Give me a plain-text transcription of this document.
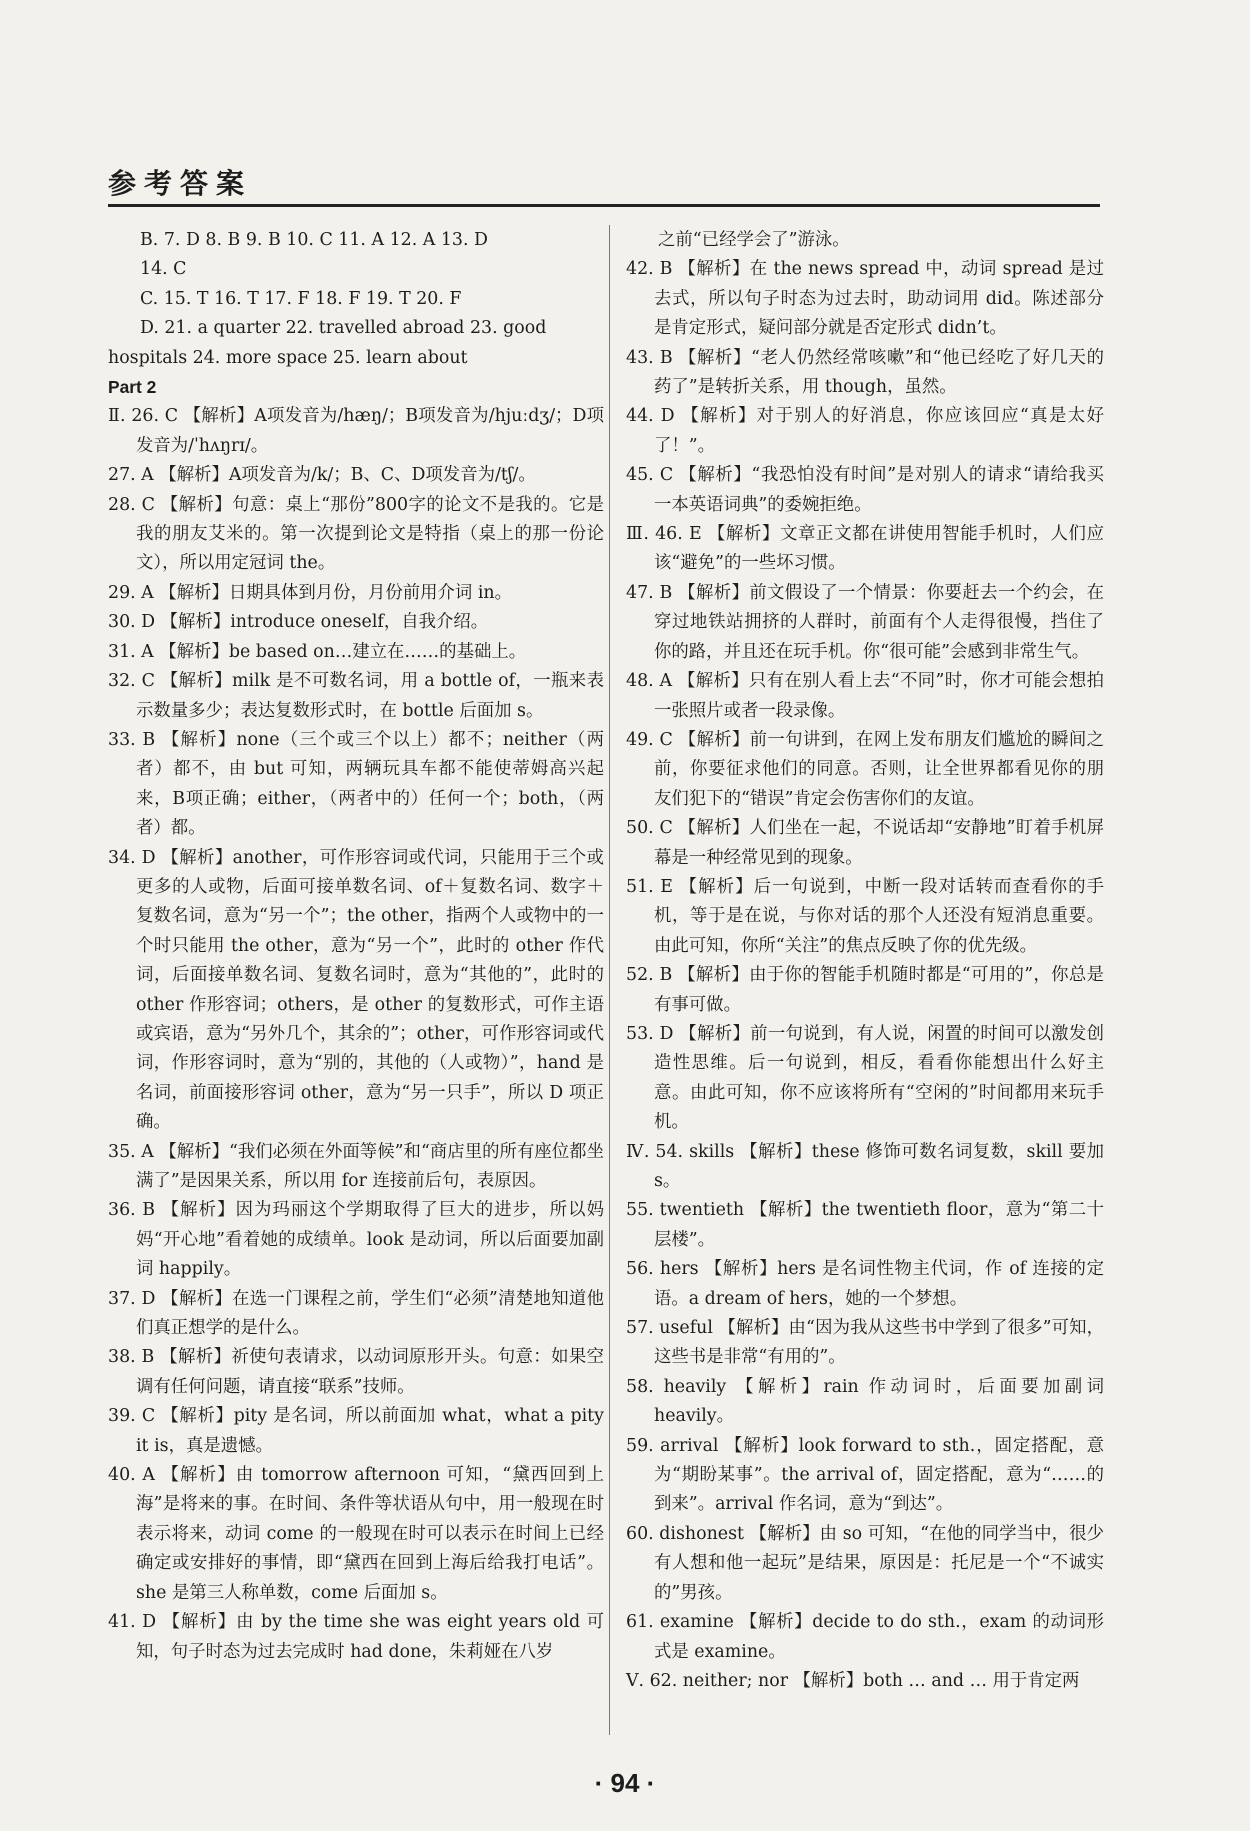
参考答案

B. 7. D 8. B 9. B 10. C 11. A 12. A 13. D

14. C

C. 15. T 16. T 17. F 18. F 19. T 20. F

D. 21. a quarter 22. travelled abroad 23. good

hospitals 24. more space 25. learn about

Part 2

Ⅱ. 26. C 【解析】A项发音为/hæŋ/；B项发音为/hjuːdʒ/；D项发音为/ˈhʌŋrɪ/。

27. A 【解析】A项发音为/k/；B、C、D项发音为/tʃ/。

28. C 【解析】句意：桌上“那份”800字的论文不是我的。它是我的朋友艾米的。第一次提到论文是特指（桌上的那一份论文），所以用定冠词 the。

29. A 【解析】日期具体到月份，月份前用介词 in。

30. D 【解析】introduce oneself，自我介绍。

31. A 【解析】be based on…建立在……的基础上。

32. C 【解析】milk 是不可数名词，用 a bottle of，一瓶来表示数量多少；表达复数形式时，在 bottle 后面加 s。

33. B 【解析】none（三个或三个以上）都不；neither（两者）都不，由 but 可知，两辆玩具车都不能使蒂姆高兴起来，B项正确；either，（两者中的）任何一个；both，（两者）都。

34. D 【解析】another，可作形容词或代词，只能用于三个或更多的人或物，后面可接单数名词、of＋复数名词、数字＋复数名词，意为“另一个”；the other，指两个人或物中的一个时只能用 the other，意为“另一个”，此时的 other 作代词，后面接单数名词、复数名词时，意为“其他的”，此时的 other 作形容词；others，是 other 的复数形式，可作主语或宾语，意为“另外几个，其余的”；other，可作形容词或代词，作形容词时，意为“别的，其他的（人或物）”，hand 是名词，前面接形容词 other，意为“另一只手”，所以 D 项正确。

35. A 【解析】“我们必须在外面等候”和“商店里的所有座位都坐满了”是因果关系，所以用 for 连接前后句，表原因。

36. B 【解析】因为玛丽这个学期取得了巨大的进步，所以妈妈“开心地”看着她的成绩单。look 是动词，所以后面要加副词 happily。

37. D 【解析】在选一门课程之前，学生们“必须”清楚地知道他们真正想学的是什么。

38. B 【解析】祈使句表请求，以动词原形开头。句意：如果空调有任何问题，请直接“联系”技师。

39. C 【解析】pity 是名词，所以前面加 what，what a pity it is，真是遗憾。

40. A 【解析】由 tomorrow afternoon 可知，“黛西回到上海”是将来的事。在时间、条件等状语从句中，用一般现在时表示将来，动词 come 的一般现在时可以表示在时间上已经确定或安排好的事情，即“黛西在回到上海后给我打电话”。she 是第三人称单数，come 后面加 s。

41. D 【解析】由 by the time she was eight years old 可知，句子时态为过去完成时 had done，朱莉娅在八岁

之前“已经学会了”游泳。

42. B 【解析】在 the news spread 中，动词 spread 是过去式，所以句子时态为过去时，助动词用 did。陈述部分是肯定形式，疑问部分就是否定形式 didn’t。

43. B 【解析】“老人仍然经常咳嗽”和“他已经吃了好几天的药了”是转折关系，用 though，虽然。

44. D 【解析】对于别人的好消息，你应该回应“真是太好了！”。

45. C 【解析】“我恐怕没有时间”是对别人的请求“请给我买一本英语词典”的委婉拒绝。

Ⅲ. 46. E 【解析】文章正文都在讲使用智能手机时，人们应该“避免”的一些坏习惯。

47. B 【解析】前文假设了一个情景：你要赶去一个约会，在穿过地铁站拥挤的人群时，前面有个人走得很慢，挡住了你的路，并且还在玩手机。你“很可能”会感到非常生气。

48. A 【解析】只有在别人看上去“不同”时，你才可能会想拍一张照片或者一段录像。

49. C 【解析】前一句讲到，在网上发布朋友们尴尬的瞬间之前，你要征求他们的同意。否则，让全世界都看见你的朋友们犯下的“错误”肯定会伤害你们的友谊。

50. C 【解析】人们坐在一起，不说话却“安静地”盯着手机屏幕是一种经常见到的现象。

51. E 【解析】后一句说到，中断一段对话转而查看你的手机，等于是在说，与你对话的那个人还没有短消息重要。由此可知，你所“关注”的焦点反映了你的优先级。

52. B 【解析】由于你的智能手机随时都是“可用的”，你总是有事可做。

53. D 【解析】前一句说到，有人说，闲置的时间可以激发创造性思维。后一句说到，相反，看看你能想出什么好主意。由此可知，你不应该将所有“空闲的”时间都用来玩手机。

Ⅳ. 54. skills 【解析】these 修饰可数名词复数，skill 要加 s。

55. twentieth 【解析】the twentieth floor，意为“第二十层楼”。

56. hers 【解析】hers 是名词性物主代词，作 of 连接的定语。a dream of hers，她的一个梦想。

57. useful 【解析】由“因为我从这些书中学到了很多”可知，这些书是非常“有用的”。

58. heavily 【解析】rain 作动词时，后面要加副词 heavily。

59. arrival 【解析】look forward to sth.，固定搭配，意为“期盼某事”。the arrival of，固定搭配，意为“……的到来”。arrival 作名词，意为“到达”。

60. dishonest 【解析】由 so 可知，“在他的同学当中，很少有人想和他一起玩”是结果，原因是：托尼是一个“不诚实的”男孩。

61. examine 【解析】decide to do sth.，exam 的动词形式是 examine。

Ⅴ. 62. neither; nor 【解析】both … and … 用于肯定两

· 94 ·
